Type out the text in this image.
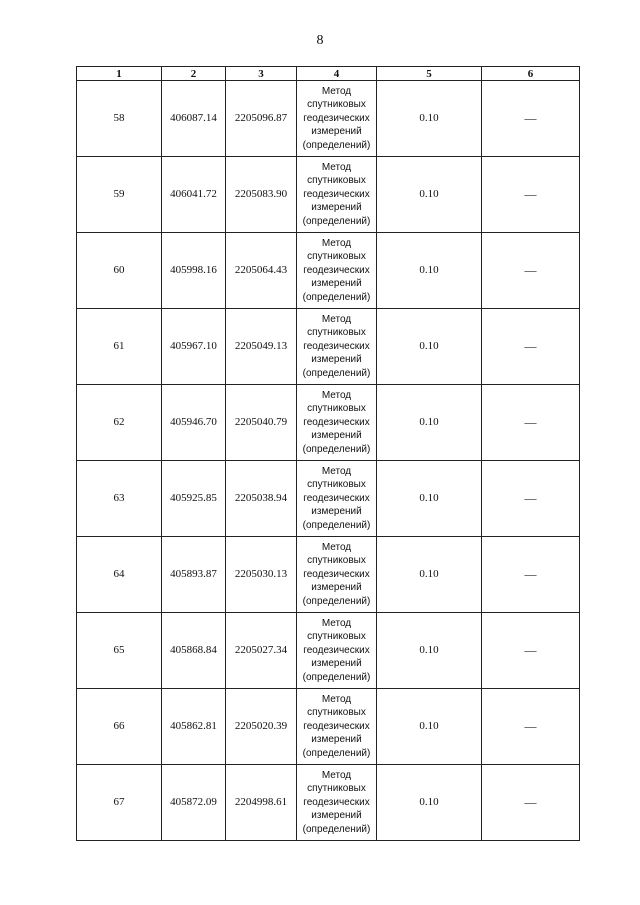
8
1	2	3	4	5	6
58	406087.14	2205096.87	Метод
спутниковых
геодезических
измерений
(определений)	0.10	—
59	406041.72	2205083.90	Метод
спутниковых
геодезических
измерений
(определений)	0.10	—
60	405998.16	2205064.43	Метод
спутниковых
геодезических
измерений
(определений)	0.10	—
61	405967.10	2205049.13	Метод
спутниковых
геодезических
измерений
(определений)	0.10	—
62	405946.70	2205040.79	Метод
спутниковых
геодезических
измерений
(определений)	0.10	—
63	405925.85	2205038.94	Метод
спутниковых
геодезических
измерений
(определений)	0.10	—
64	405893.87	2205030.13	Метод
спутниковых
геодезических
измерений
(определений)	0.10	—
65	405868.84	2205027.34	Метод
спутниковых
геодезических
измерений
(определений)	0.10	—
66	405862.81	2205020.39	Метод
спутниковых
геодезических
измерений
(определений)	0.10	—
67	405872.09	2204998.61	Метод
спутниковых
геодезических
измерений
(определений)	0.10	—
